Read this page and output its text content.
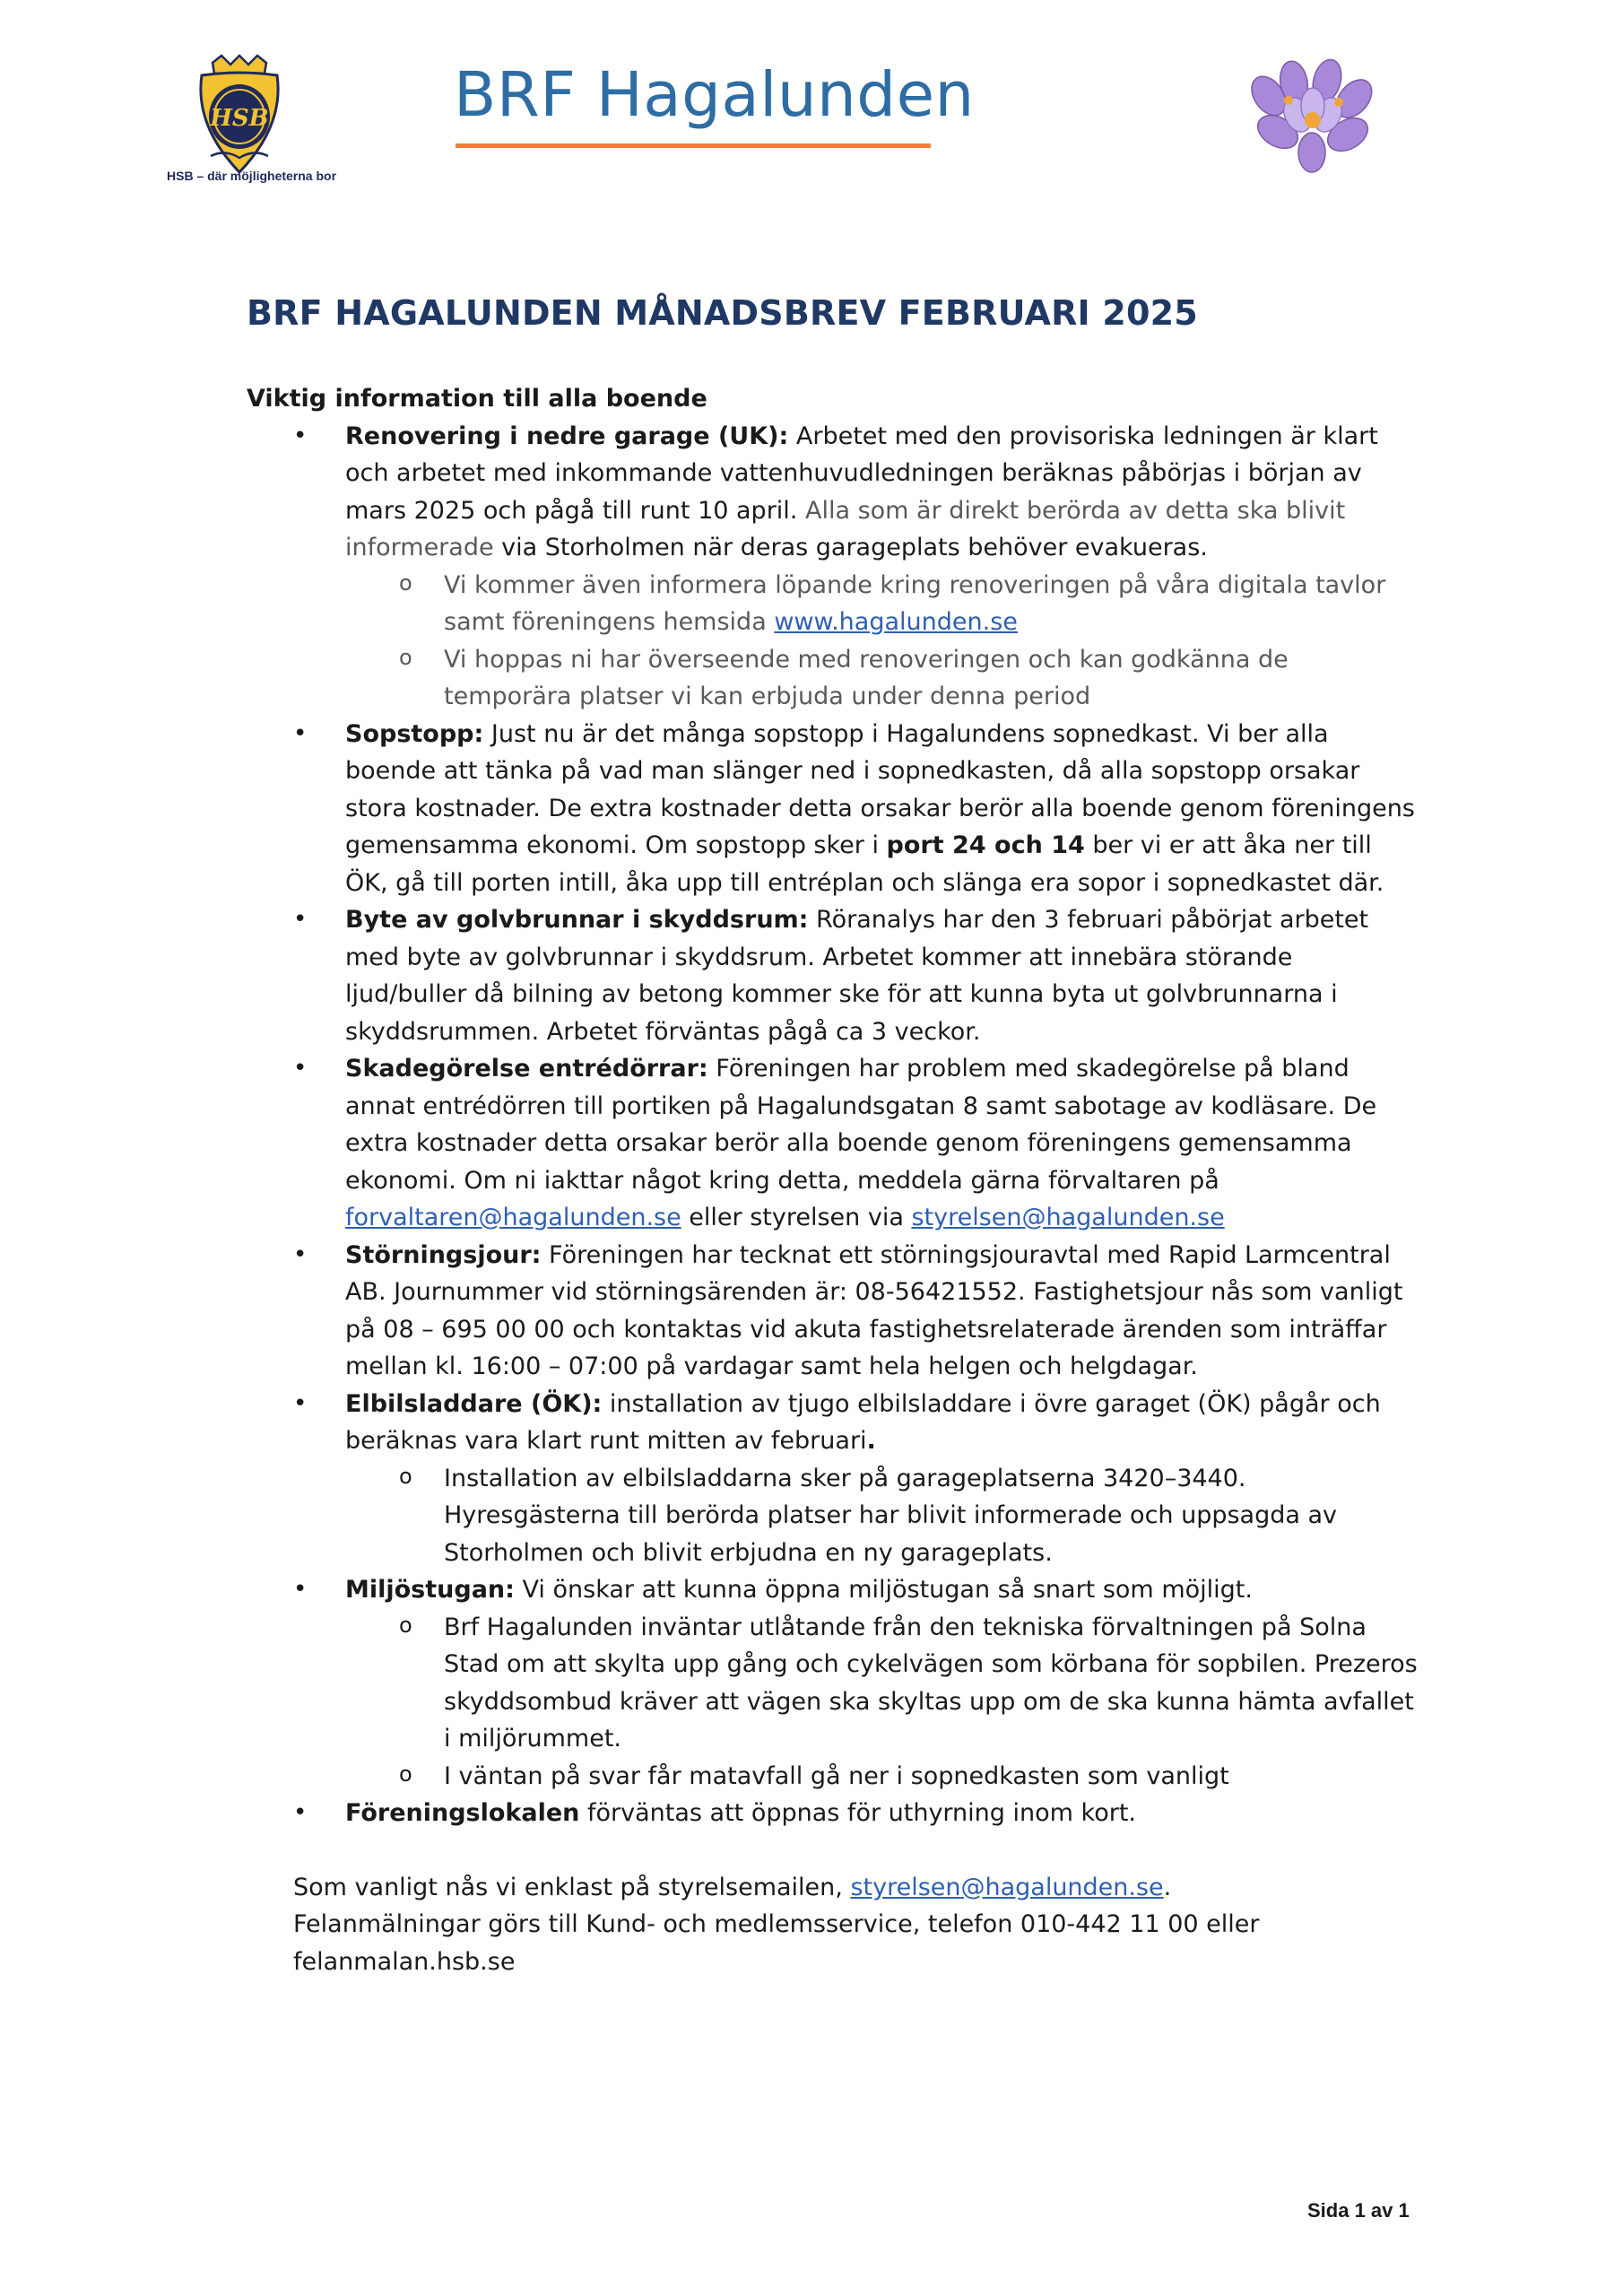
HSB
HSB – där möjligheterna bor
BRF Hagalunden
BRF HAGALUNDEN MÅNADSBREV FEBRUARI 2025
Viktig information till alla boende
• Renovering i nedre garage (UK): Arbetet med den provisoriska ledningen är klart och arbetet med inkommande vattenhuvudledningen beräknas påbörjas i början av mars 2025 och pågå till runt 10 april. Alla som är direkt berörda av detta ska blivit informerade via Storholmen när deras garageplats behöver evakueras.
o Vi kommer även informera löpande kring renoveringen på våra digitala tavlor samt föreningens hemsida www.hagalunden.se
o Vi hoppas ni har överseende med renoveringen och kan godkänna de temporära platser vi kan erbjuda under denna period
• Sopstopp: Just nu är det många sopstopp i Hagalundens sopnedkast. Vi ber alla boende att tänka på vad man slänger ned i sopnedkasten, då alla sopstopp orsakar stora kostnader. De extra kostnader detta orsakar berör alla boende genom föreningens gemensamma ekonomi. Om sopstopp sker i port 24 och 14 ber vi er att åka ner till ÖK, gå till porten intill, åka upp till entréplan och slänga era sopor i sopnedkastet där.
• Byte av golvbrunnar i skyddsrum: Röranalys har den 3 februari påbörjat arbetet med byte av golvbrunnar i skyddsrum. Arbetet kommer att innebära störande ljud/buller då bilning av betong kommer ske för att kunna byta ut golvbrunnarna i skyddsrummen. Arbetet förväntas pågå ca 3 veckor.
• Skadegörelse entrédörrar: Föreningen har problem med skadegörelse på bland annat entrédörren till portiken på Hagalundsgatan 8 samt sabotage av kodläsare. De extra kostnader detta orsakar berör alla boende genom föreningens gemensamma ekonomi. Om ni iakttar något kring detta, meddela gärna förvaltaren på forvaltaren@hagalunden.se eller styrelsen via styrelsen@hagalunden.se
• Störningsjour: Föreningen har tecknat ett störningsjouravtal med Rapid Larmcentral AB. Journummer vid störningsärenden är: 08-56421552. Fastighetsjour nås som vanligt på 08 – 695 00 00 och kontaktas vid akuta fastighetsrelaterade ärenden som inträffar mellan kl. 16:00 – 07:00 på vardagar samt hela helgen och helgdagar.
• Elbilsladdare (ÖK): installation av tjugo elbilsladdare i övre garaget (ÖK) pågår och beräknas vara klart runt mitten av februari.
o Installation av elbilsladdarna sker på garageplatserna 3420–3440. Hyresgästerna till berörda platser har blivit informerade och uppsagda av Storholmen och blivit erbjudna en ny garageplats.
• Miljöstugan: Vi önskar att kunna öppna miljöstugan så snart som möjligt.
o Brf Hagalunden inväntar utlåtande från den tekniska förvaltningen på Solna Stad om att skylta upp gång och cykelvägen som körbana för sopbilen. Prezeros skyddsombud kräver att vägen ska skyltas upp om de ska kunna hämta avfallet i miljörummet.
o I väntan på svar får matavfall gå ner i sopnedkasten som vanligt
• Föreningslokalen förväntas att öppnas för uthyrning inom kort.
Som vanligt nås vi enklast på styrelsemailen, styrelsen@hagalunden.se.
Felanmälningar görs till Kund- och medlemsservice, telefon 010-442 11 00 eller felanmalan.hsb.se
Sida 1 av 1
